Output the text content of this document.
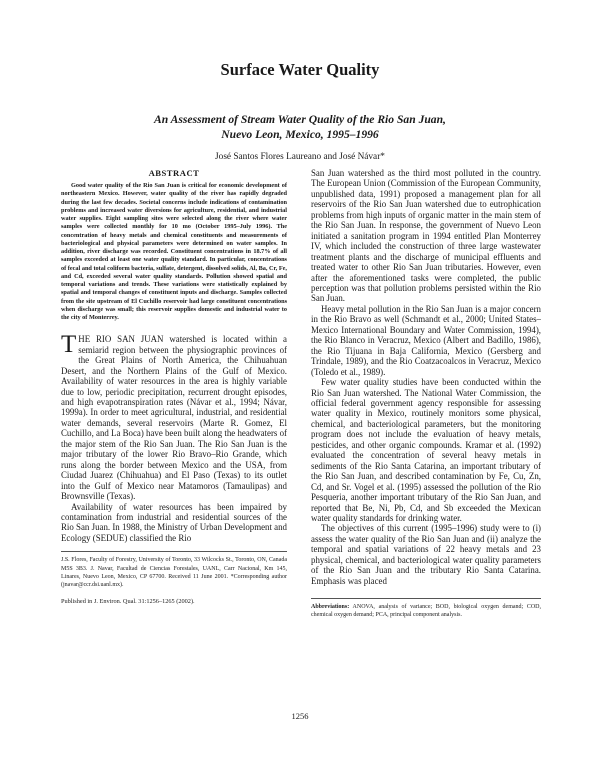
Surface Water Quality
An Assessment of Stream Water Quality of the Rio San Juan,
Nuevo Leon, Mexico, 1995–1996
José Santos Flores Laureano and José Návar*
ABSTRACT

Good water quality of the Rio San Juan is critical for economic development of northeastern Mexico. However, water quality of the river has rapidly degraded during the last few decades. Societal concerns include indications of contamination problems and increased water diversions for agriculture, residential, and industrial water supplies. Eight sampling sites were selected along the river where water samples were collected monthly for 10 mo (October 1995–July 1996). The concentration of heavy metals and chemical constituents and measurements of bacteriological and physical parameters were determined on water samples. In addition, river discharge was recorded. Constituent concentrations in 18.7% of all samples exceeded at least one water quality standard. In particular, concentrations of fecal and total coliform bacteria, sulfate, detergent, dissolved solids, Al, Ba, Cr, Fe, and Cd, exceeded several water quality standards. Pollution showed spatial and temporal variations and trends. These variations were statistically explained by spatial and temporal changes of constituent inputs and discharge. Samples collected from the site upstream of El Cuchillo reservoir had large constituent concentrations when discharge was small; this reservoir supplies domestic and industrial water to the city of Monterrey.

THE RIO SAN JUAN watershed is located within a semiarid region between the physiographic provinces of the Great Plains of North America, the Chihuahuan Desert, and the Northern Plains of the Gulf of Mexico. Availability of water resources in the area is highly variable due to low, periodic precipitation, recurrent drought episodes, and high evapotranspiration rates (Návar et al., 1994; Návar, 1999a). In order to meet agricultural, industrial, and residential water demands, several reservoirs (Marte R. Gomez, El Cuchillo, and La Boca) have been built along the headwaters of the major stem of the Rio San Juan. The Rio San Juan is the major tributary of the lower Rio Bravo–Rio Grande, which runs along the border between Mexico and the USA, from Ciudad Juarez (Chihuahua) and El Paso (Texas) to its outlet into the Gulf of Mexico near Matamoros (Tamaulipas) and Brownsville (Texas).

Availability of water resources has been impaired by contamination from industrial and residential sources of the Rio San Juan. In 1988, the Ministry of Urban Development and Ecology (SEDUE) classified the Rio

J.S. Flores, Faculty of Forestry, University of Toronto, 33 Wilcocks St., Toronto, ON, Canada M5S 3B3. J. Navar, Facultad de Ciencias Forestales, UANL, Carr Nacional, Km 145, Linares, Nuevo Leon, Mexico, CP 67700. Received 11 June 2001. *Corresponding author (jnavar@ccr.dsi.uanl.mx).

Published in J. Environ. Qual. 31:1256–1265 (2002).

San Juan watershed as the third most polluted in the country. The European Union (Commission of the European Community, unpublished data, 1991) proposed a management plan for all reservoirs of the Rio San Juan watershed due to eutrophication problems from high inputs of organic matter in the main stem of the Rio San Juan. In response, the government of Nuevo Leon initiated a sanitation program in 1994 entitled Plan Monterrey IV, which included the construction of three large wastewater treatment plants and the discharge of municipal effluents and treated water to other Rio San Juan tributaries. However, even after the aforementioned tasks were completed, the public perception was that pollution problems persisted within the Rio San Juan.

Heavy metal pollution in the Rio San Juan is a major concern in the Rio Bravo as well (Schmandt et al., 2000; United States–Mexico International Boundary and Water Commission, 1994), the Rio Blanco in Veracruz, Mexico (Albert and Badillo, 1986), the Rio Tijuana in Baja California, Mexico (Gersberg and Trindale, 1989), and the Rio Coatzacoalcos in Veracruz, Mexico (Toledo et al., 1989).

Few water quality studies have been conducted within the Rio San Juan watershed. The National Water Commission, the official federal government agency responsible for assessing water quality in Mexico, routinely monitors some physical, chemical, and bacteriological parameters, but the monitoring program does not include the evaluation of heavy metals, pesticides, and other organic compounds. Kramar et al. (1992) evaluated the concentration of several heavy metals in sediments of the Rio Santa Catarina, an important tributary of the Rio San Juan, and described contamination by Fe, Cu, Zn, Cd, and Sr. Vogel et al. (1995) assessed the pollution of the Rio Pesqueria, another important tributary of the Rio San Juan, and reported that Be, Ni, Pb, Cd, and Sb exceeded the Mexican water quality standards for drinking water.

The objectives of this current (1995–1996) study were to (i) assess the water quality of the Rio San Juan and (ii) analyze the temporal and spatial variations of 22 heavy metals and 23 physical, chemical, and bacteriological water quality parameters of the Rio San Juan and the tributary Rio Santa Catarina. Emphasis was placed

Abbreviations: ANOVA, analysis of variance; BOD, biological oxygen demand; COD, chemical oxygen demand; PCA, principal component analysis.

1256
